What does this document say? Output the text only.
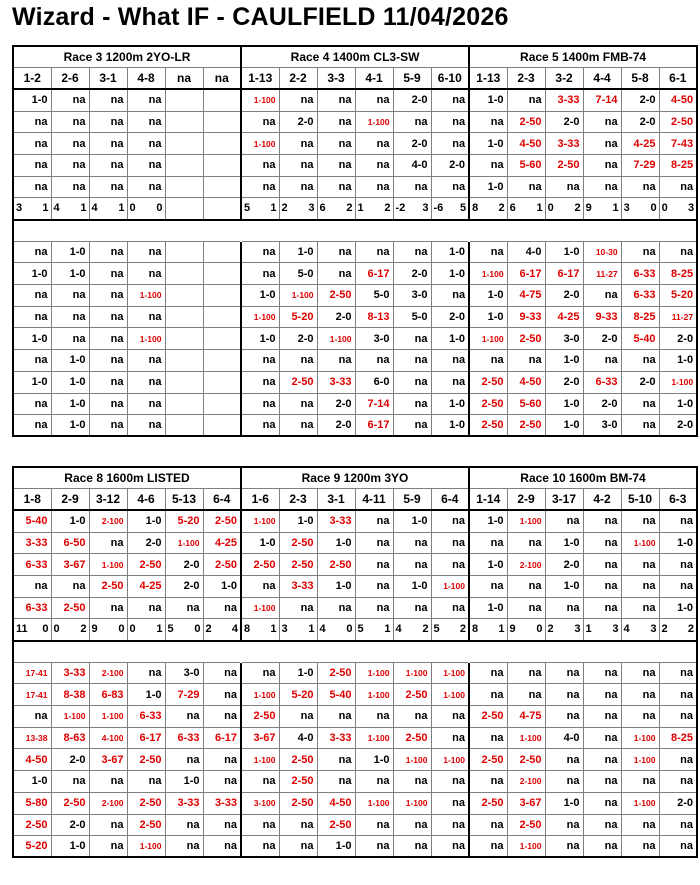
Wizard - What IF - CAULFIELD 11/04/2026
Race 3 1200m 2YO-LR						Race 4 1400m CL3-SW						Race 5 1400m FMB-74					
1-2	2-6	3-1	4-8	na	na	1-13	2-2	3-3	4-1	5-9	6-10	1-13	2-3	3-2	4-4	5-8	6-1
1-0	na	na	na			1-100	na	na	na	2-0	na	1-0	na	3-33	7-14	2-0	4-50
na	na	na	na			na	2-0	na	1-100	na	na	na	2-50	2-0	na	2-0	2-50
na	na	na	na			1-100	na	na	na	2-0	na	1-0	4-50	3-33	na	4-25	7-43
na	na	na	na			na	na	na	na	4-0	2-0	na	5-60	2-50	na	7-29	8-25
na	na	na	na			na	na	na	na	na	na	1-0	na	na	na	na	na

3 1	4 1	4 1	0 0			5 1	2 3	6 2	1 2	-2 3	-6 5	8 2	6 1	0 2	9 1	3 0	0 3

na	1-0	na	na			na	1-0	na	na	na	1-0	na	4-0	1-0	10-30	na	na
1-0	1-0	na	na			na	5-0	na	6-17	2-0	1-0	1-100	6-17	6-17	11-27	6-33	8-25
na	na	na	1-100			1-0	1-100	2-50	5-0	3-0	na	1-0	4-75	2-0	na	6-33	5-20
na	na	na	na			1-100	5-20	2-0	8-13	5-0	2-0	1-0	9-33	4-25	9-33	8-25	11-27
1-0	na	na	1-100			1-0	2-0	1-100	3-0	na	1-0	1-100	2-50	3-0	2-0	5-40	2-0
na	1-0	na	na			na	na	na	na	na	na	na	na	1-0	na	na	1-0
1-0	1-0	na	na			na	2-50	3-33	6-0	na	na	2-50	4-50	2-0	6-33	2-0	1-100
na	1-0	na	na			na	na	2-0	7-14	na	1-0	2-50	5-60	1-0	2-0	na	1-0
na	1-0	na	na			na	na	2-0	6-17	na	1-0	2-50	2-50	1-0	3-0	na	2-0
Race 8 1600m LISTED						Race 9 1200m 3YO						Race 10 1600m BM-74					
1-8	2-9	3-12	4-6	5-13	6-4	1-6	2-3	3-1	4-11	5-9	6-4	1-14	2-9	3-17	4-2	5-10	6-3
5-40	1-0	2-100	1-0	5-20	2-50	1-100	1-0	3-33	na	1-0	na	1-0	1-100	na	na	na	na
3-33	6-50	na	2-0	1-100	4-25	1-0	2-50	1-0	na	na	na	na	na	1-0	na	1-100	1-0
6-33	3-67	1-100	2-50	2-0	2-50	2-50	2-50	2-50	na	na	na	1-0	2-100	2-0	na	na	na
na	na	2-50	4-25	2-0	1-0	na	3-33	1-0	na	1-0	1-100	na	na	1-0	na	na	na
6-33	2-50	na	na	na	na	1-100	na	na	na	na	na	1-0	na	na	na	na	1-0

11 0	0 2	9 0	0 1	5 0	2 4	8 1	3 1	4 0	5 1	4 2	5 2	8 1	9 0	2 3	1 3	4 3	2 2

17-41	3-33	2-100	na	3-0	na	na	1-0	2-50	1-100	1-100	1-100	na	na	na	na	na	na
17-41	8-38	6-83	1-0	7-29	na	1-100	5-20	5-40	1-100	2-50	1-100	na	na	na	na	na	na
na	1-100	1-100	6-33	na	na	2-50	na	na	na	na	na	2-50	4-75	na	na	na	na
13-38	8-63	4-100	6-17	6-33	6-17	3-67	4-0	3-33	1-100	2-50	na	na	1-100	4-0	na	1-100	8-25
4-50	2-0	3-67	2-50	na	na	1-100	2-50	na	1-0	1-100	1-100	2-50	2-50	na	na	1-100	na
1-0	na	na	na	1-0	na	na	2-50	na	na	na	na	na	2-100	na	na	na	na
5-80	2-50	2-100	2-50	3-33	3-33	3-100	2-50	4-50	1-100	1-100	na	2-50	3-67	1-0	na	1-100	2-0
2-50	2-0	na	2-50	na	na	na	na	2-50	na	na	na	na	2-50	na	na	na	na
5-20	1-0	na	1-100	na	na	na	na	1-0	na	na	na	na	1-100	na	na	na	na
